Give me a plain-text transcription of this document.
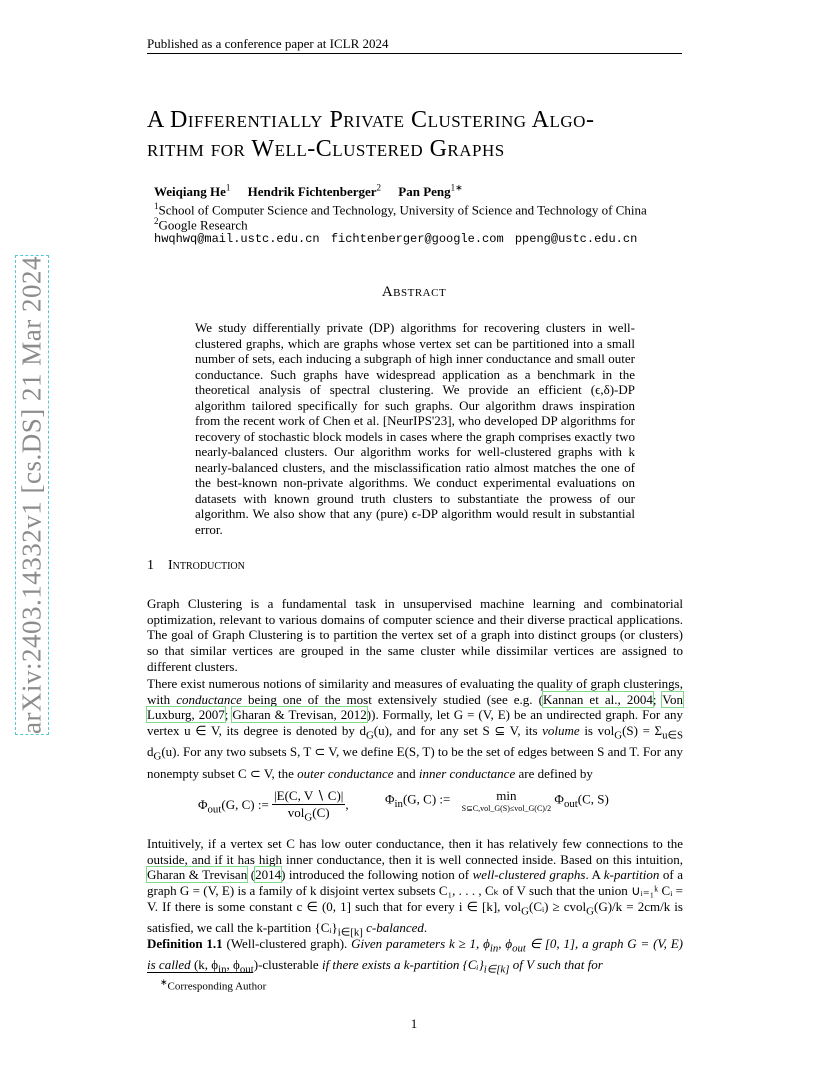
arXiv:2403.14332v1 [cs.DS] 21 Mar 2024
Published as a conference paper at ICLR 2024
A Differentially Private Clustering Algo-
rithm for Well-Clustered Graphs
Weiqiang He$^1$ Hendrik Fichtenberger$^2$ Pan Peng$^{1∗}$
$^1$School of Computer Science and Technology, University of Science and Technology of China
$^2$Google Research
hwqhwq@mail.ustc.edu.cn fichtenberger@google.com ppeng@ustc.edu.cn
Abstract
We study differentially private (DP) algorithms for recovering clusters in well-clustered graphs, which are graphs whose vertex set can be partitioned into a small number of sets, each inducing a subgraph of high inner conductance and small outer conductance. Such graphs have widespread application as a benchmark in the theoretical analysis of spectral clustering. We provide an efficient (ϵ,δ)-DP algorithm tailored specifically for such graphs. Our algorithm draws inspiration from the recent work of Chen et al. [NeurIPS'23], who developed DP algorithms for recovery of stochastic block models in cases where the graph comprises exactly two nearly-balanced clusters. Our algorithm works for well-clustered graphs with k nearly-balanced clusters, and the misclassification ratio almost matches the one of the best-known non-private algorithms. We conduct experimental evaluations on datasets with known ground truth clusters to substantiate the prowess of our algorithm. We also show that any (pure) ϵ-DP algorithm would result in substantial error.
1 Introduction
Graph Clustering is a fundamental task in unsupervised machine learning and combinatorial optimization, relevant to various domains of computer science and their diverse practical applications. The goal of Graph Clustering is to partition the vertex set of a graph into distinct groups (or clusters) so that similar vertices are grouped in the same cluster while dissimilar vertices are assigned to different clusters.
There exist numerous notions of similarity and measures of evaluating the quality of graph clusterings, with conductance being one of the most extensively studied (see e.g. (Kannan et al., 2004; Von Luxburg, 2007; Gharan & Trevisan, 2012)). Formally, let G = (V, E) be an undirected graph. For any vertex u ∈ V, its degree is denoted by $d_G(u)$, and for any set S ⊆ V, its volume is $vol_G(S) = \Sigma_{u\in S}$ $d_G(u)$. For any two subsets S, T ⊂ V, we define E(S, T) to be the set of edges between S and T. For any nonempty subset C ⊂ V, the outer conductance and inner conductance are defined by
$\Phi_{out}(G$, C) := $\frac{|E(C, V ∖ C)|}{vol_G(C)}$ ,	$\Phi_{in}(G$, C) :=	min
S⊆C,vol_G(S)≤vol_G(C)/2
$\Phi_{out}(C$, S)
Intuitively, if a vertex set C has low outer conductance, then it has relatively few connections to the outside, and if it has high inner conductance, then it is well connected inside. Based on this intuition, Gharan & Trevisan (2014) introduced the following notion of well-clustered graphs. A k-partition of a graph G = (V, E) is a family of k disjoint vertex subsets C₁, . . . , Cₖ of V such that the union ∪ᵢ₌₁ᵏ Cᵢ = V. If there is some constant c ∈ (0, 1] such that for every i ∈ [k], vol$_G$(Cᵢ) ≥ cvol$_G$(G)/k = 2cm/k is satisfied, we call the k-partition $\{Cᵢ\}_{i\in[k]}$ c-balanced.
Definition 1.1 (Well-clustered graph). Given parameters k ≥ 1, $\phi_{in}$, $\phi_{out}$ ∈ [0, 1], a graph G = (V, E) is called (k, $\phi_{in}$, $\phi_{out}$)-clusterable if there exists a k-partition $\{Cᵢ\}_{i\in[k]}$ of V such that for
∗Corresponding Author
1
